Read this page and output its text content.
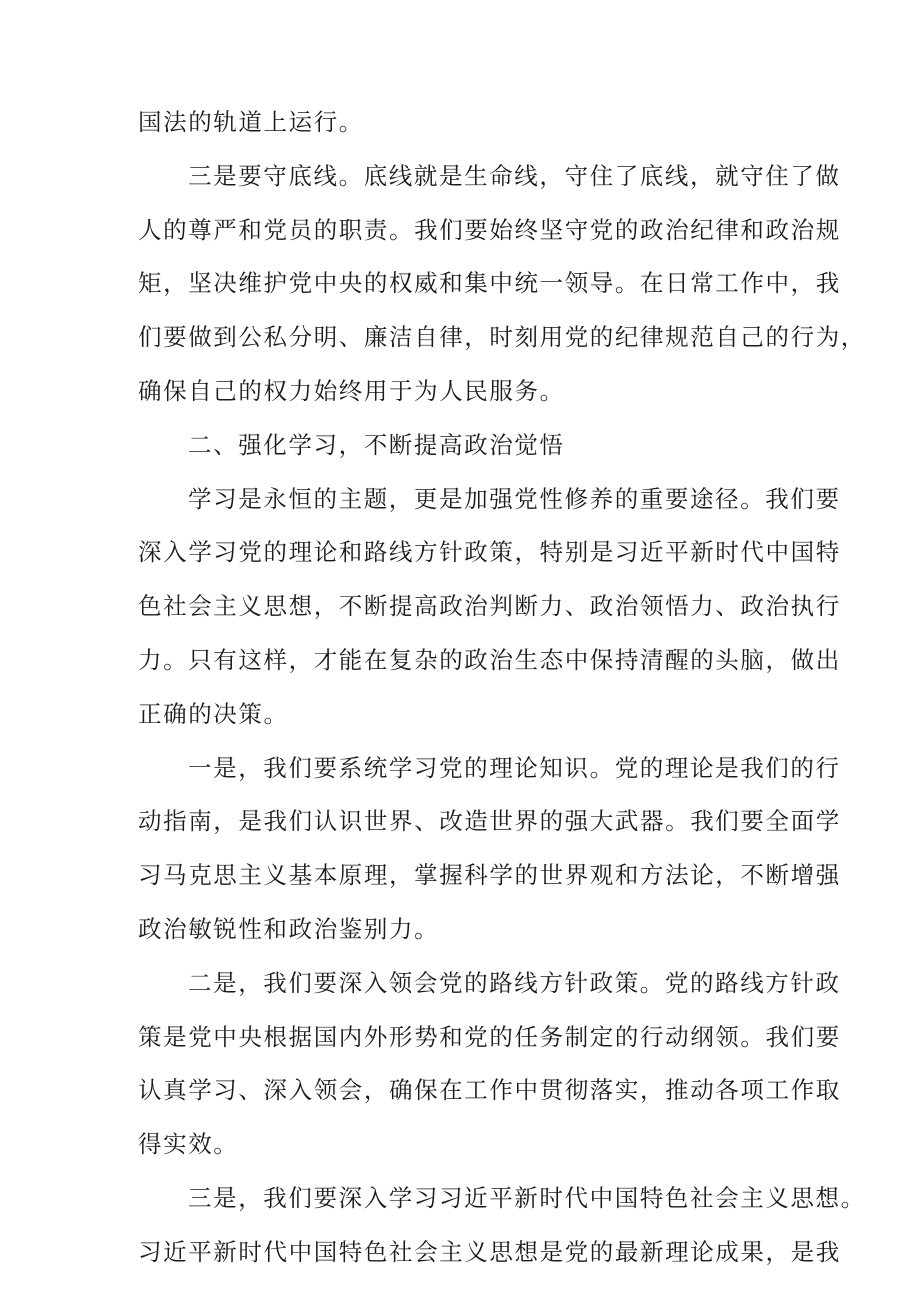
国法的轨道上运行。
三是要守底线。底线就是生命线，守住了底线，就守住了做
人的尊严和党员的职责。我们要始终坚守党的政治纪律和政治规
矩，坚决维护党中央的权威和集中统一领导。在日常工作中，我
们要做到公私分明、廉洁自律，时刻用党的纪律规范自己的行为，
确保自己的权力始终用于为人民服务。
二、强化学习，不断提高政治觉悟
学习是永恒的主题，更是加强党性修养的重要途径。我们要
深入学习党的理论和路线方针政策，特别是习近平新时代中国特
色社会主义思想，不断提高政治判断力、政治领悟力、政治执行
力。只有这样，才能在复杂的政治生态中保持清醒的头脑，做出
正确的决策。
一是，我们要系统学习党的理论知识。党的理论是我们的行
动指南，是我们认识世界、改造世界的强大武器。我们要全面学
习马克思主义基本原理，掌握科学的世界观和方法论，不断增强
政治敏锐性和政治鉴别力。
二是，我们要深入领会党的路线方针政策。党的路线方针政
策是党中央根据国内外形势和党的任务制定的行动纲领。我们要
认真学习、深入领会，确保在工作中贯彻落实，推动各项工作取
得实效。
三是，我们要深入学习习近平新时代中国特色社会主义思想。
习近平新时代中国特色社会主义思想是党的最新理论成果，是我
